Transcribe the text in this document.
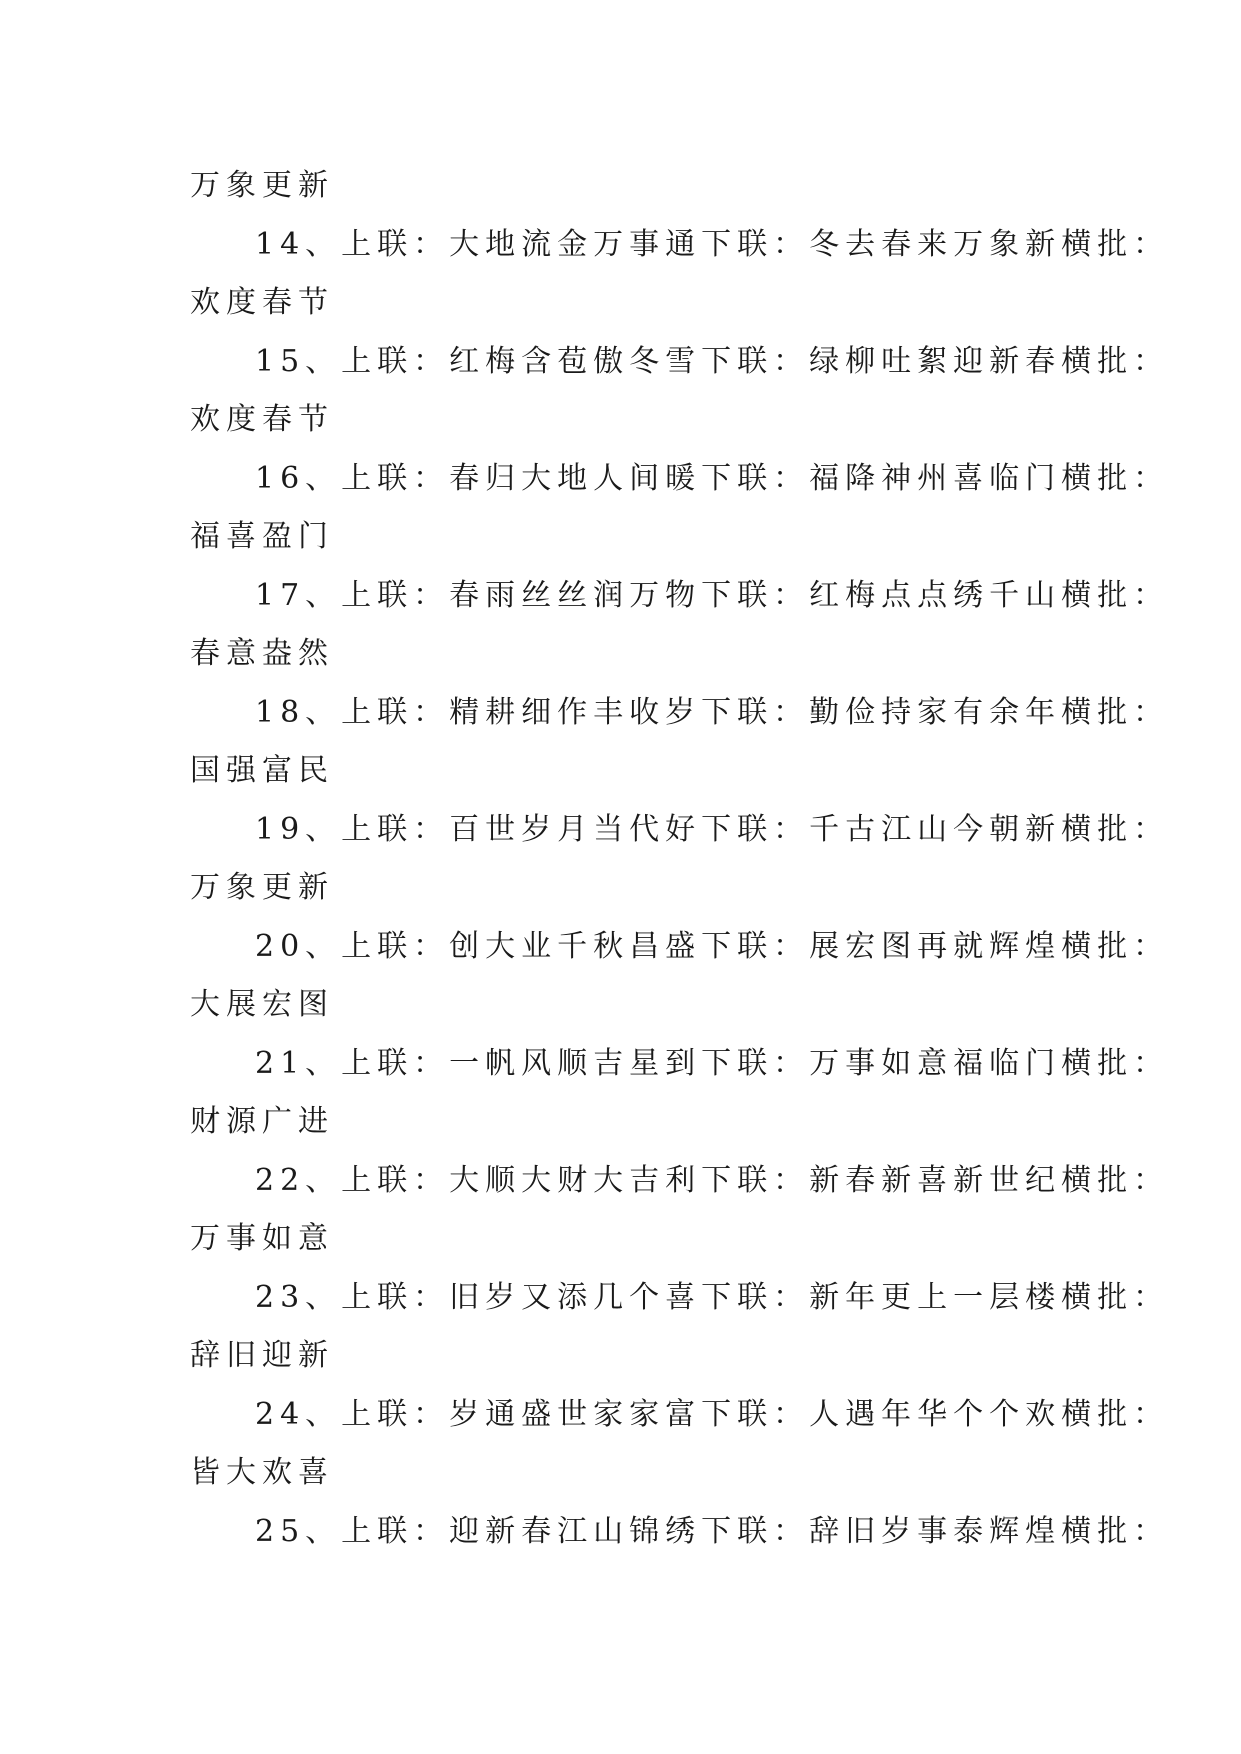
万象更新
14、上联：大地流金万事通下联：冬去春来万象新横批：
欢度春节
15、上联：红梅含苞傲冬雪下联：绿柳吐絮迎新春横批：
欢度春节
16、上联：春归大地人间暖下联：福降神州喜临门横批：
福喜盈门
17、上联：春雨丝丝润万物下联：红梅点点绣千山横批：
春意盎然
18、上联：精耕细作丰收岁下联：勤俭持家有余年横批：
国强富民
19、上联：百世岁月当代好下联：千古江山今朝新横批：
万象更新
20、上联：创大业千秋昌盛下联：展宏图再就辉煌横批：
大展宏图
21、上联：一帆风顺吉星到下联：万事如意福临门横批：
财源广进
22、上联：大顺大财大吉利下联：新春新喜新世纪横批：
万事如意
23、上联：旧岁又添几个喜下联：新年更上一层楼横批：
辞旧迎新
24、上联：岁通盛世家家富下联：人遇年华个个欢横批：
皆大欢喜
25、上联：迎新春江山锦绣下联：辞旧岁事泰辉煌横批：
